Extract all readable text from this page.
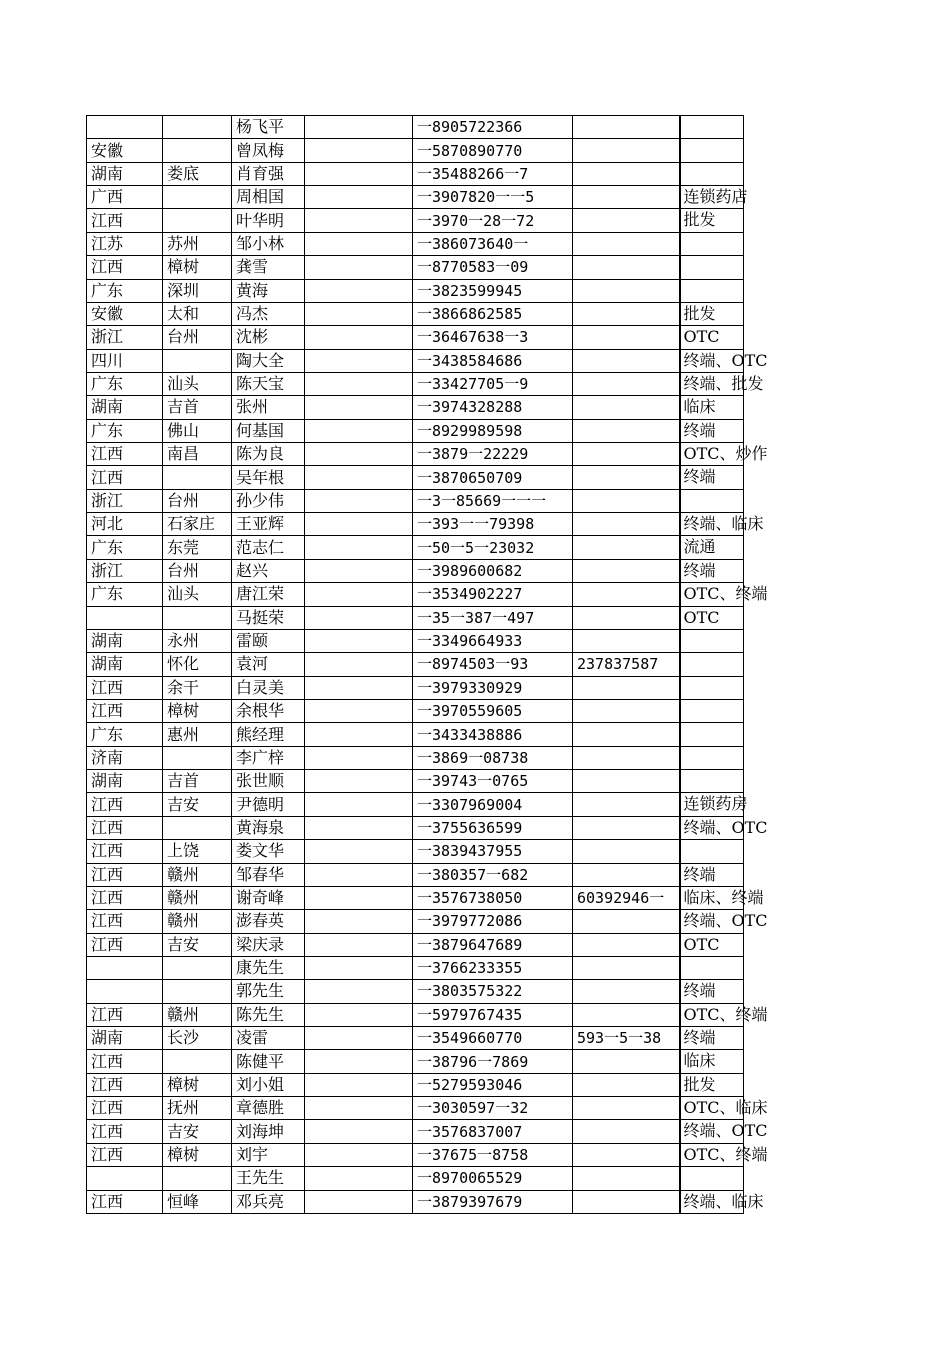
		杨飞平		一8905722366		

安徽		曾凤梅		一5870890770		

湖南	娄底	肖育强		一35488266一7		

广西		周相国		一3907820一一5		连锁药店

江西		叶华明		一3970一28一72		批发

江苏	苏州	邹小林		一386073640一		

江西	樟树	龚雪		一8770583一09		

广东	深圳	黄海		一3823599945		

安徽	太和	冯杰		一3866862585		批发

浙江	台州	沈彬		一36467638一3		OTC

四川		陶大全		一3438584686		终端、OTC

广东	汕头	陈天宝		一33427705一9		终端、批发

湖南	吉首	张州		一3974328288		临床

广东	佛山	何基国		一8929989598		终端

江西	南昌	陈为良		一3879一22229		OTC、炒作

江西		吴年根		一3870650709		终端

浙江	台州	孙少伟		一3一85669一一一		

河北	石家庄	王亚辉		一393一一79398		终端、临床

广东	东莞	范志仁		一50一5一23032		流通

浙江	台州	赵兴		一3989600682		终端

广东	汕头	唐江荣		一3534902227		OTC、终端

		马挺荣		一35一387一497		OTC

湖南	永州	雷颐		一3349664933		

湖南	怀化	袁河		一8974503一93	237837587	

江西	余干	白灵美		一3979330929		

江西	樟树	余根华		一3970559605		

广东	惠州	熊经理		一3433438886		

济南		李广梓		一3869一08738		

湖南	吉首	张世顺		一39743一0765		

江西	吉安	尹德明		一3307969004		连锁药房

江西		黄海泉		一3755636599		终端、OTC

江西	上饶	娄文华		一3839437955		

江西	赣州	邹春华		一380357一682		终端

江西	赣州	谢奇峰		一3576738050	60392946一	临床、终端

江西	赣州	澎春英		一3979772086		终端、OTC

江西	吉安	梁庆录		一3879647689		OTC

		康先生		一3766233355		

		郭先生		一3803575322		终端

江西	赣州	陈先生		一5979767435		OTC、终端

湖南	长沙	凌雷		一3549660770	593一5一38	终端

江西		陈健平		一38796一7869		临床

江西	樟树	刘小姐		一5279593046		批发

江西	抚州	章德胜		一3030597一32		OTC、临床

江西	吉安	刘海坤		一3576837007		终端、OTC

江西	樟树	刘宇		一37675一8758		OTC、终端

		王先生		一8970065529		

江西	恒峰	邓兵亮		一3879397679		终端、临床
